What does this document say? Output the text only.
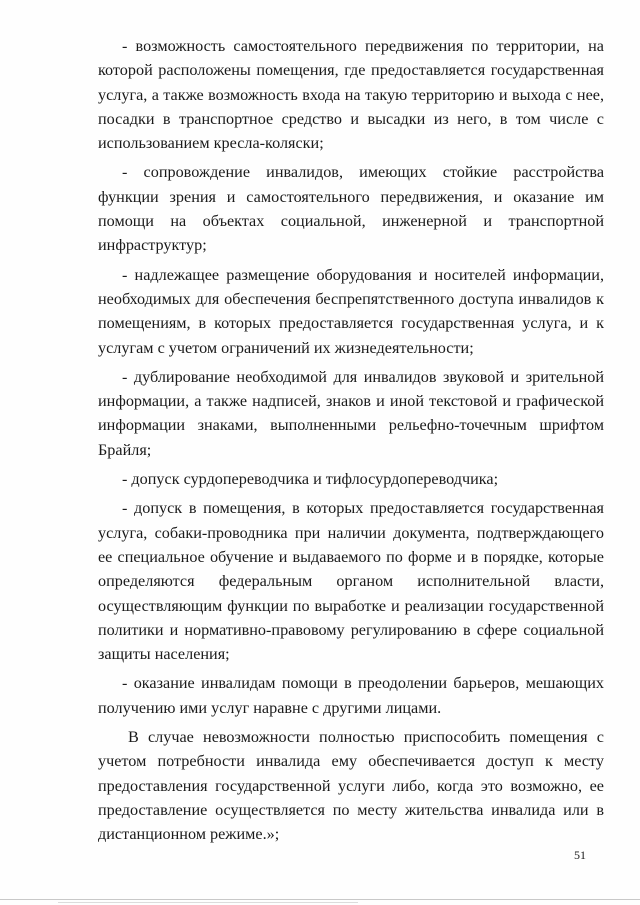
- возможность самостоятельного передвижения по территории, на которой расположены помещения, где предоставляется государственная услуга, а также возможность входа на такую территорию и выхода с нее, посадки в транспортное средство и высадки из него, в том числе с использованием кресла-коляски;

- сопровождение инвалидов, имеющих стойкие расстройства функции зрения и самостоятельного передвижения, и оказание им помощи на объектах социальной, инженерной и транспортной инфраструктур;

- надлежащее размещение оборудования и носителей информации, необходимых для обеспечения беспрепятственного доступа инвалидов к помещениям, в которых предоставляется государственная услуга, и к услугам с учетом ограничений их жизнедеятельности;

- дублирование необходимой для инвалидов звуковой и зрительной информации, а также надписей, знаков и иной текстовой и графической информации знаками, выполненными рельефно-точечным шрифтом Брайля;

- допуск сурдопереводчика и тифлосурдопереводчика;

- допуск в помещения, в которых предоставляется государственная услуга, собаки-проводника при наличии документа, подтверждающего ее специальное обучение и выдаваемого по форме и в порядке, которые определяются федеральным органом исполнительной власти, осуществляющим функции по выработке и реализации государственной политики и нормативно-правовому регулированию в сфере социальной защиты населения;

- оказание инвалидам помощи в преодолении барьеров, мешающих получению ими услуг наравне с другими лицами.

В случае невозможности полностью приспособить помещения с учетом потребности инвалида ему обеспечивается доступ к месту предоставления государственной услуги либо, когда это возможно, ее предоставление осуществляется по месту жительства инвалида или в дистанционном режиме.»;

51
